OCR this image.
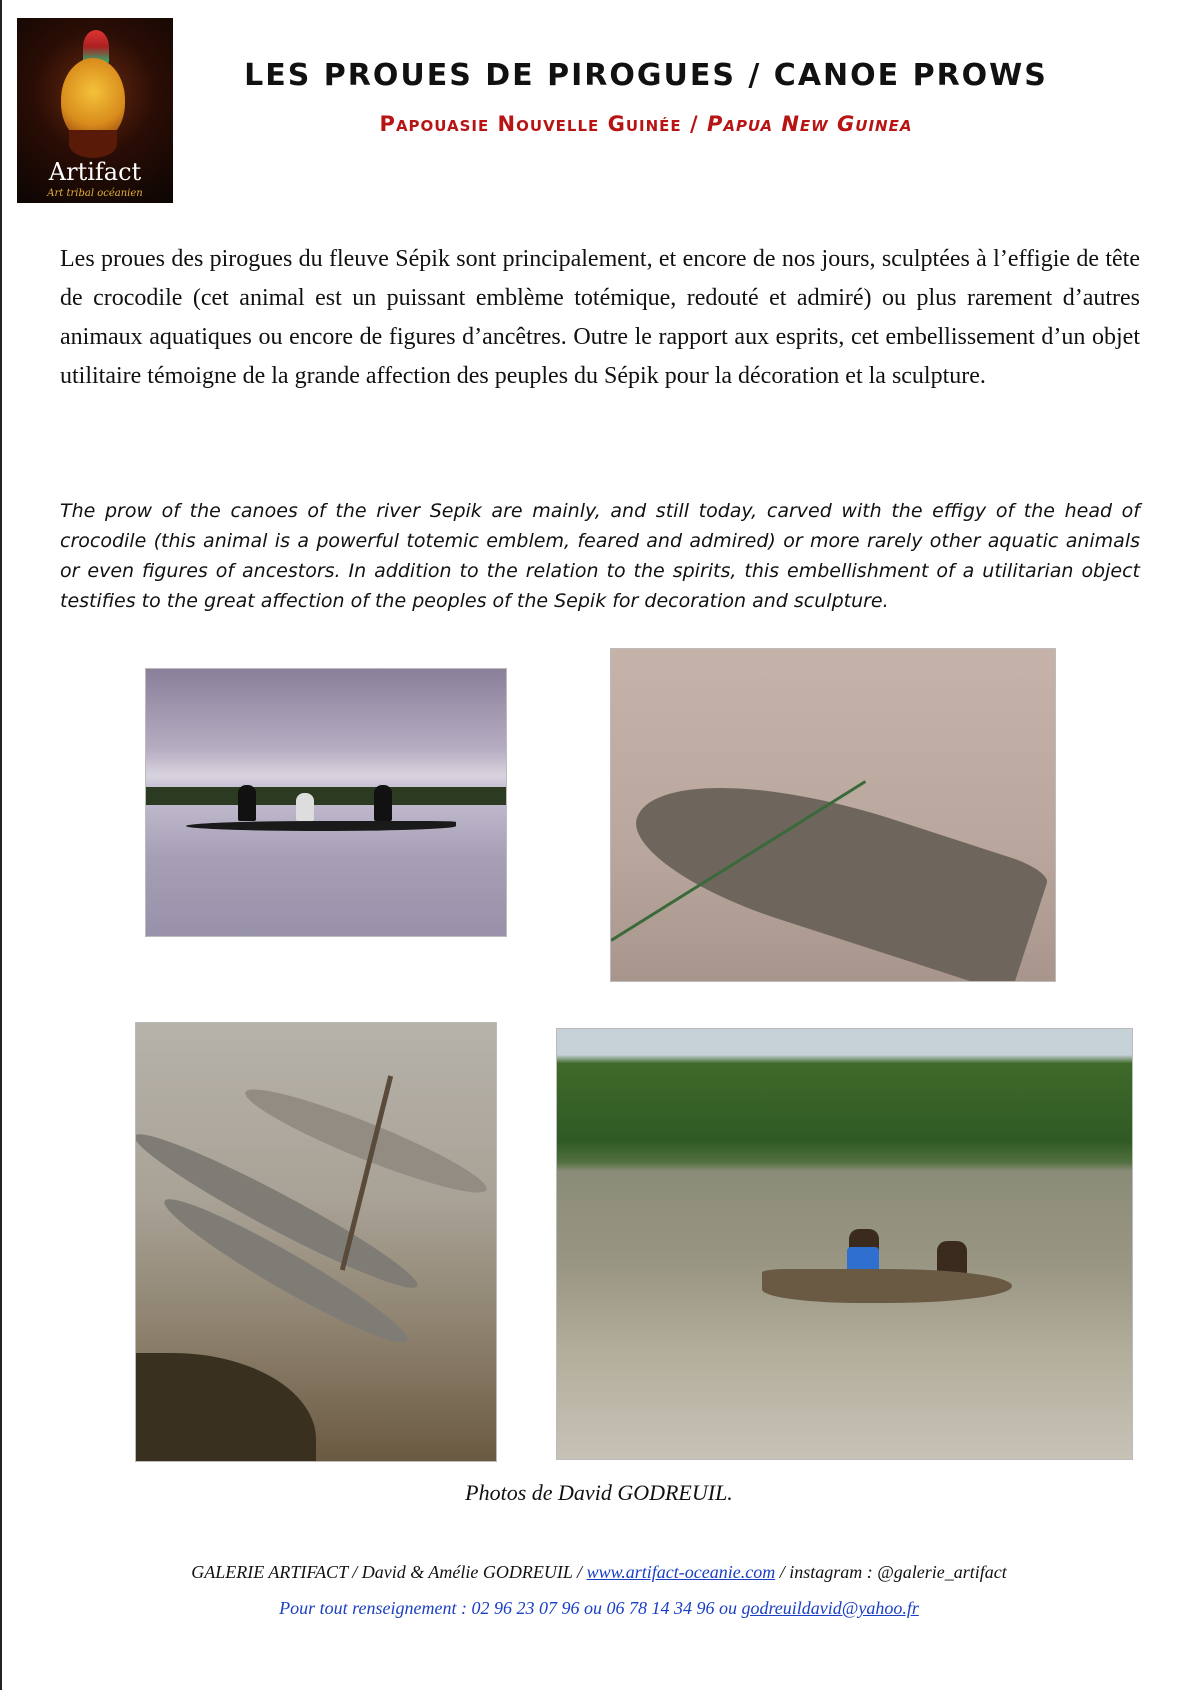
Artifact
Art tribal océanien
LES PROUES DE PIROGUES / CANOE PROWS
Papouasie Nouvelle Guinée / Papua New Guinea
Les proues des pirogues du fleuve Sépik sont principalement, et encore de nos jours, sculptées à l’effigie de tête de crocodile (cet animal est un puissant emblème totémique, redouté et admiré) ou plus rarement d’autres animaux aquatiques ou encore de figures d’ancêtres. Outre le rapport aux esprits, cet embellissement d’un objet utilitaire témoigne de la grande affection des peuples du Sépik pour la décoration et la sculpture.
The prow of the canoes of the river Sepik are mainly, and still today, carved with the effigy of the head of crocodile (this animal is a powerful totemic emblem, feared and admired) or more rarely other aquatic animals or even figures of ancestors. In addition to the relation to the spirits, this embellishment of a utilitarian object testifies to the great affection of the peoples of the Sepik for decoration and sculpture.
Photos de David GODREUIL.
GALERIE ARTIFACT / David & Amélie GODREUIL / www.artifact-oceanie.com / instagram : @galerie_artifact
Pour tout renseignement : 02 96 23 07 96 ou 06 78 14 34 96 ou godreuildavid@yahoo.fr
